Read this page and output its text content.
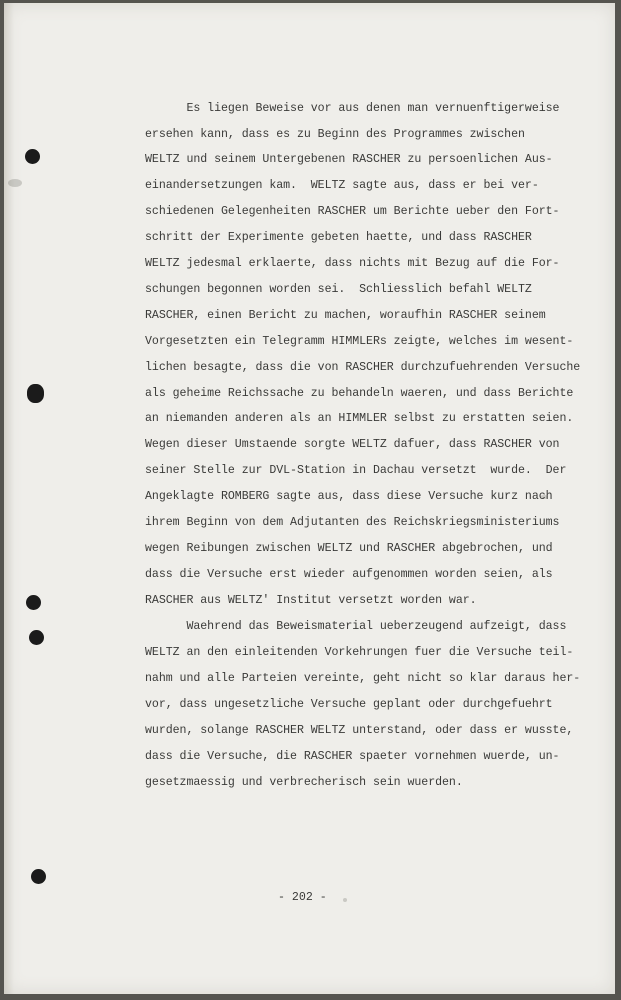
Es liegen Beweise vor aus denen man vernuenftigerweise
ersehen kann, dass es zu Beginn des Programmes zwischen
WELTZ und seinem Untergebenen RASCHER zu persoenlichen Aus-
einandersetzungen kam.  WELTZ sagte aus, dass er bei ver-
schiedenen Gelegenheiten RASCHER um Berichte ueber den Fort-
schritt der Experimente gebeten haette, und dass RASCHER
WELTZ jedesmal erklaerte, dass nichts mit Bezug auf die For-
schungen begonnen worden sei.  Schliesslich befahl WELTZ
RASCHER, einen Bericht zu machen, woraufhin RASCHER seinem
Vorgesetzten ein Telegramm HIMMLERs zeigte, welches im wesent-
lichen besagte, dass die von RASCHER durchzufuehrenden Versuche
als geheime Reichssache zu behandeln waeren, und dass Berichte
an niemanden anderen als an HIMMLER selbst zu erstatten seien.
Wegen dieser Umstaende sorgte WELTZ dafuer, dass RASCHER von
seiner Stelle zur DVL-Station in Dachau versetzt  wurde.  Der
Angeklagte ROMBERG sagte aus, dass diese Versuche kurz nach
ihrem Beginn von dem Adjutanten des Reichskriegsministeriums
wegen Reibungen zwischen WELTZ und RASCHER abgebrochen, und
dass die Versuche erst wieder aufgenommen worden seien, als
RASCHER aus WELTZ' Institut versetzt worden war.
Waehrend das Beweismaterial ueberzeugend aufzeigt, dass
WELTZ an den einleitenden Vorkehrungen fuer die Versuche teil-
nahm und alle Parteien vereinte, geht nicht so klar daraus her-
vor, dass ungesetzliche Versuche geplant oder durchgefuehrt
wurden, solange RASCHER WELTZ unterstand, oder dass er wusste,
dass die Versuche, die RASCHER spaeter vornehmen wuerde, un-
gesetzmaessig und verbrecherisch sein wuerden.
- 202 -
